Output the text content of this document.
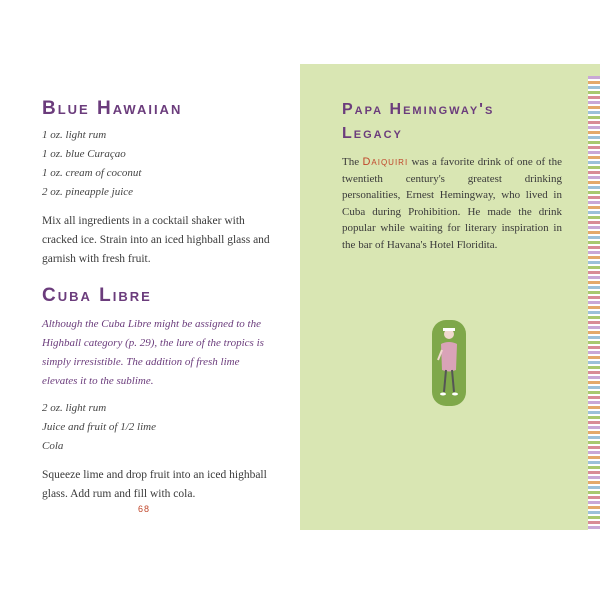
Blue Hawaiian
1 oz. light rum
1 oz. blue Curaçao
1 oz. cream of coconut
2 oz. pineapple juice

Mix all ingredients in a cocktail shaker with cracked ice. Strain into an iced highball glass and garnish with fresh fruit.

Cuba Libre

Although the Cuba Libre might be assigned to the Highball category (p. 29), the lure of the tropics is simply irresistible. The addition of fresh lime elevates it to the sublime.

2 oz. light rum
Juice and fruit of 1/2 lime
Cola

Squeeze lime and drop fruit into an iced highball glass. Add rum and fill with cola.

68
Papa Hemingway's
Legacy

The Daiquiri was a favorite drink of one of the twentieth century's greatest drinking personalities, Ernest Hemingway, who lived in Cuba during Prohibition. He made the drink popular while waiting for literary inspiration in the bar of Havana's Hotel Floridita.
